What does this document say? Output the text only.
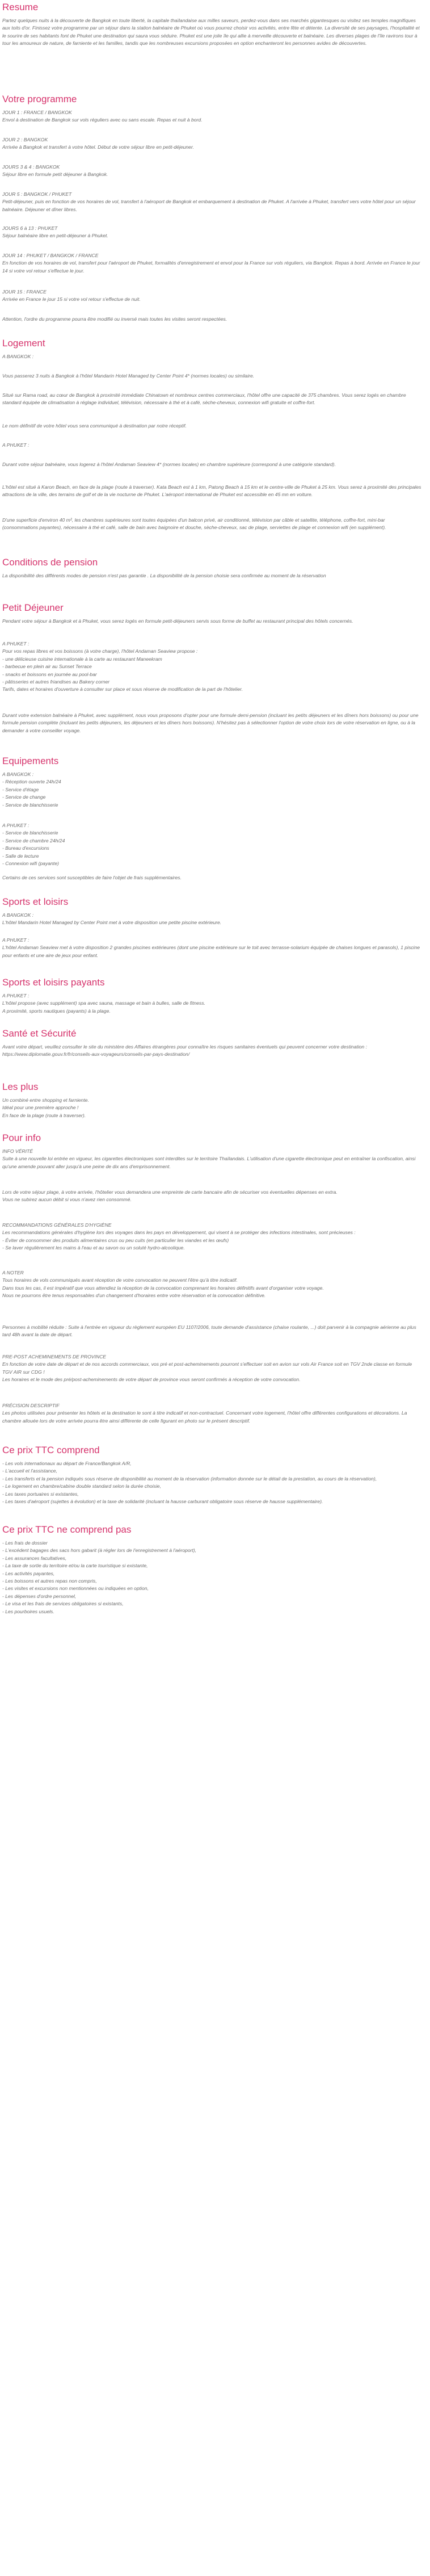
Resume
Partez quelques nuits à la découverte de Bangkok en toute liberté, la capitale thaïlandaise aux milles saveurs, perdez-vous dans ses marchés gigantesques ou visitez ses temples magnifiques aux toits d'or. Finissez votre programme par un séjour dans la station balnéaire de Phuket où vous pourrez choisir vos activités, entre fête et détente. La diversité de ses paysages, l'hospitalité et le sourire de ses habitants font de Phuket une destination qui saura vous séduire. Phuket est une jolie île qui allie à merveille découverte et balnéaire. Les diverses plages de l'île ravirons tour à tour les amoureux de nature, de farniente et les familles, tandis que les nombreuses excursions proposées en option enchanteront les personnes avides de découvertes.
Votre programme
JOUR 1 : FRANCE / BANGKOK
Envol à destination de Bangkok sur vols réguliers avec ou sans escale. Repas et nuit à bord.
JOUR 2 : BANGKOK
Arrivée à Bangkok et transfert à votre hôtel. Début de votre séjour libre en petit-déjeuner.
JOURS 3 & 4 : BANGKOK
Séjour libre en formule petit déjeuner à Bangkok.
JOUR 5 : BANGKOK / PHUKET
Petit-déjeuner, puis en fonction de vos horaires de vol, transfert à l'aéroport de Bangkok et embarquement à destination de Phuket. A l'arrivée à Phuket, transfert vers votre hôtel pour un séjour balnéaire. Déjeuner et dîner libres.
JOURS 6 à 13 : PHUKET
Séjour balnéaire libre en petit-déjeuner à Phuket.
JOUR 14 : PHUKET / BANGKOK / FRANCE
En fonction de vos horaires de vol, transfert pour l'aéroport de Phuket, formalités d'enregistrement et envol pour la France sur vols réguliers, via Bangkok. Repas à bord. Arrivée en France le jour 14 si votre vol retour s'effectue le jour.
JOUR 15 : FRANCE
Arrivée en France le jour 15 si votre vol retour s'effectue de nuit.
Attention, l'ordre du programme pourra être modifié ou inversé mais toutes les visites seront respectées.
Logement
A BANGKOK :
Vous passerez 3 nuits à Bangkok à l'hôtel Mandarin Hotel Managed by Center Point 4* (normes locales) ou similaire.
Situé sur Rama road, au cœur de Bangkok à proximité immédiate Chinatown et nombreux centres commerciaux, l'hôtel offre une capacité de 375 chambres. Vous serez logés en chambre standard équipée de climatisation à réglage individuel, télévision, nécessaire à thé et à café, sèche-cheveux, connexion wifi gratuite et coffre-fort.
Le nom définitif de votre hôtel vous sera communiqué à destination par notre réceptif.
A PHUKET :
Durant votre séjour balnéaire, vous logerez à l'hôtel Andaman Seaview 4* (normes locales) en chambre supérieure (correspond à une catégorie standard).
L'hôtel est situé à Karon Beach, en face de la plage (route à traverser). Kata Beach est à 1 km, Patong Beach à 15 km et le centre-ville de Phuket à 25 km. Vous serez à proximité des principales attractions de la ville, des terrains de golf et de la vie nocturne de Phuket. L'aéroport international de Phuket est accessible en 45 mn en voiture.
D'une superficie d'environ 40 m², les chambres supérieures sont toutes équipées d'un balcon privé, air conditionné, télévision par câble et satellite, téléphone, coffre-fort, mini-bar (consommations payantes), nécessaire à thé et café, salle de bain avec baignoire et douche, sèche-cheveux, sac de plage, serviettes de plage et connexion wifi (en supplément).
Conditions de pension
La disponibilité des différents modes de pension n'est pas garantie . La disponibilité de la pension choisie sera confirmée au moment de la réservation
Petit Déjeuner
Pendant votre séjour à Bangkok et à Phuket, vous serez logés en formule petit-déjeuners servis sous forme de buffet au restaurant principal des hôtels concernés.
A PHUKET :
Pour vos repas libres et vos boissons (à votre charge), l'hôtel Andaman Seaview propose :
- une délicieuse cuisine internationale à la carte au restaurant Maneekram
- barbecue en plein air au Sunset Terrace
- snacks et boissons en journée au pool-bar
- pâtisseries et autres friandises au Bakery corner
Tarifs, dates et horaires d'ouverture à consulter sur place et sous réserve de modification de la part de l'hôtelier.
Durant votre extension balnéaire à Phuket, avec supplément, nous vous proposons d'opter pour une formule demi-pension (incluant les petits déjeuners et les dîners hors boissons) ou pour une formule pension complète (incluant les petits déjeuners, les déjeuners et les dîners hors boissons). N'hésitez pas à sélectionner l'option de votre choix lors de votre réservation en ligne, ou à la demander à votre conseiller voyage.
Equipements
A BANGKOK :
- Réception ouverte 24h/24
- Service d'étage
- Service de change
- Service de blanchisserie
A PHUKET :
- Service de blanchisserie
- Service de chambre 24h/24
- Bureau d'excursions
- Salle de lecture
- Connexion wifi (payante)
Certains de ces services sont susceptibles de faire l'objet de frais supplémentaires.
Sports et loisirs
A BANGKOK :
L'hôtel Mandarin Hotel Managed by Center Point met à votre disposition une petite piscine extérieure.
A PHUKET :
L'hôtel Andaman Seaview met à votre disposition 2 grandes piscines extérieures (dont une piscine extérieure sur le toit avec terrasse-solarium équipée de chaises longues et parasols), 1 piscine pour enfants et une aire de jeux pour enfant.
Sports et loisirs payants
A PHUKET :
L'hôtel propose (avec supplément) spa avec sauna, massage et bain à bulles, salle de fitness.
A proximité, sports nautiques (payants) à la plage.
Santé et Sécurité
Avant votre départ, veuillez consulter le site du ministère des Affaires étrangères pour connaître les risques sanitaires éventuels qui peuvent concerner votre destination : https://www.diplomatie.gouv.fr/fr/conseils-aux-voyageurs/conseils-par-pays-destination/
Les plus
Un combiné entre shopping et farniente.
Idéal pour une première approche !
En face de la plage (route à traverser).
Pour info
INFO VÉRITÉ
Suite à une nouvelle loi entrée en vigueur, les cigarettes électroniques sont interdites sur le territoire Thaïlandais. L'utilisation d'une cigarette électronique peut en entraîner la confiscation, ainsi qu'une amende pouvant aller jusqu'à une peine de dix ans d'emprisonnement.
Lors de votre séjour plage, à votre arrivée, l'hôtelier vous demandera une empreinte de carte bancaire afin de sécuriser vos éventuelles dépenses en extra.
Vous ne subirez aucun débit si vous n'avez rien consommé.
RECOMMANDATIONS GÉNÉRALES D'HYGIÈNE
Les recommandations générales d'hygiène lors des voyages dans les pays en développement, qui visent à se protéger des infections intestinales, sont précieuses :
- Éviter de consommer des produits alimentaires crus ou peu cuits (en particulier les viandes et les œufs)
- Se laver régulièrement les mains à l'eau et au savon ou un soluté hydro-alcoolique.
A NOTER
Tous horaires de vols communiqués avant réception de votre convocation ne peuvent l'être qu'à titre indicatif.
Dans tous les cas, il est impératif que vous attendiez la réception de la convocation comprenant les horaires définitifs avant d'organiser votre voyage.
Nous ne pourrons être tenus responsables d'un changement d'horaires entre votre réservation et la convocation définitive.
Personnes à mobilité réduite : Suite à l'entrée en vigueur du règlement européen EU 1107/2006, toute demande d'assistance (chaise roulante, ...) doit parvenir à la compagnie aérienne au plus tard 48h avant la date de départ.
PRE-POST ACHEMINEMENTS DE PROVINCE
En fonction de votre date de départ et de nos accords commerciaux, vos pré et post-acheminements pourront s'effectuer soit en avion sur vols Air France soit en TGV 2nde classe en formule TGV AIR sur CDG !
Les horaires et le mode des pré/post-acheminements de votre départ de province vous seront confirmés à réception de votre convocation.
PRÉCISION DESCRIPTIF
Les photos utilisées pour présenter les hôtels et la destination le sont à titre indicatif et non-contractuel. Concernant votre logement, l'hôtel offre différentes configurations et décorations. La chambre allouée lors de votre arrivée pourra être ainsi différente de celle figurant en photo sur le présent descriptif.
Ce prix TTC comprend
- Les vols internationaux au départ de France/Bangkok A/R,
- L'accueil et l'assistance,
- Les transferts et la pension indiqués sous réserve de disponibilité au moment de la réservation (information donnée sur le détail de la prestation, au cours de la réservation),
- Le logement en chambre/cabine double standard selon la durée choisie,
- Les taxes portuaires si existantes,
- Les taxes d'aéroport (sujettes à évolution) et la taxe de solidarité (incluant la hausse carburant obligatoire sous réserve de hausse supplémentaire).
Ce prix TTC ne comprend pas
- Les frais de dossier
- L'excédent bagages des sacs hors gabarit (à régler lors de l'enregistrement à l'aéroport),
- Les assurances facultatives,
- La taxe de sortie du territoire et/ou la carte touristique si existante,
- Les activités payantes,
- Les boissons et autres repas non compris,
- Les visites et excursions non mentionnées ou indiquées en option,
- Les dépenses d'ordre personnel,
- Le visa et les frais de services obligatoires si existants,
- Les pourboires usuels.
